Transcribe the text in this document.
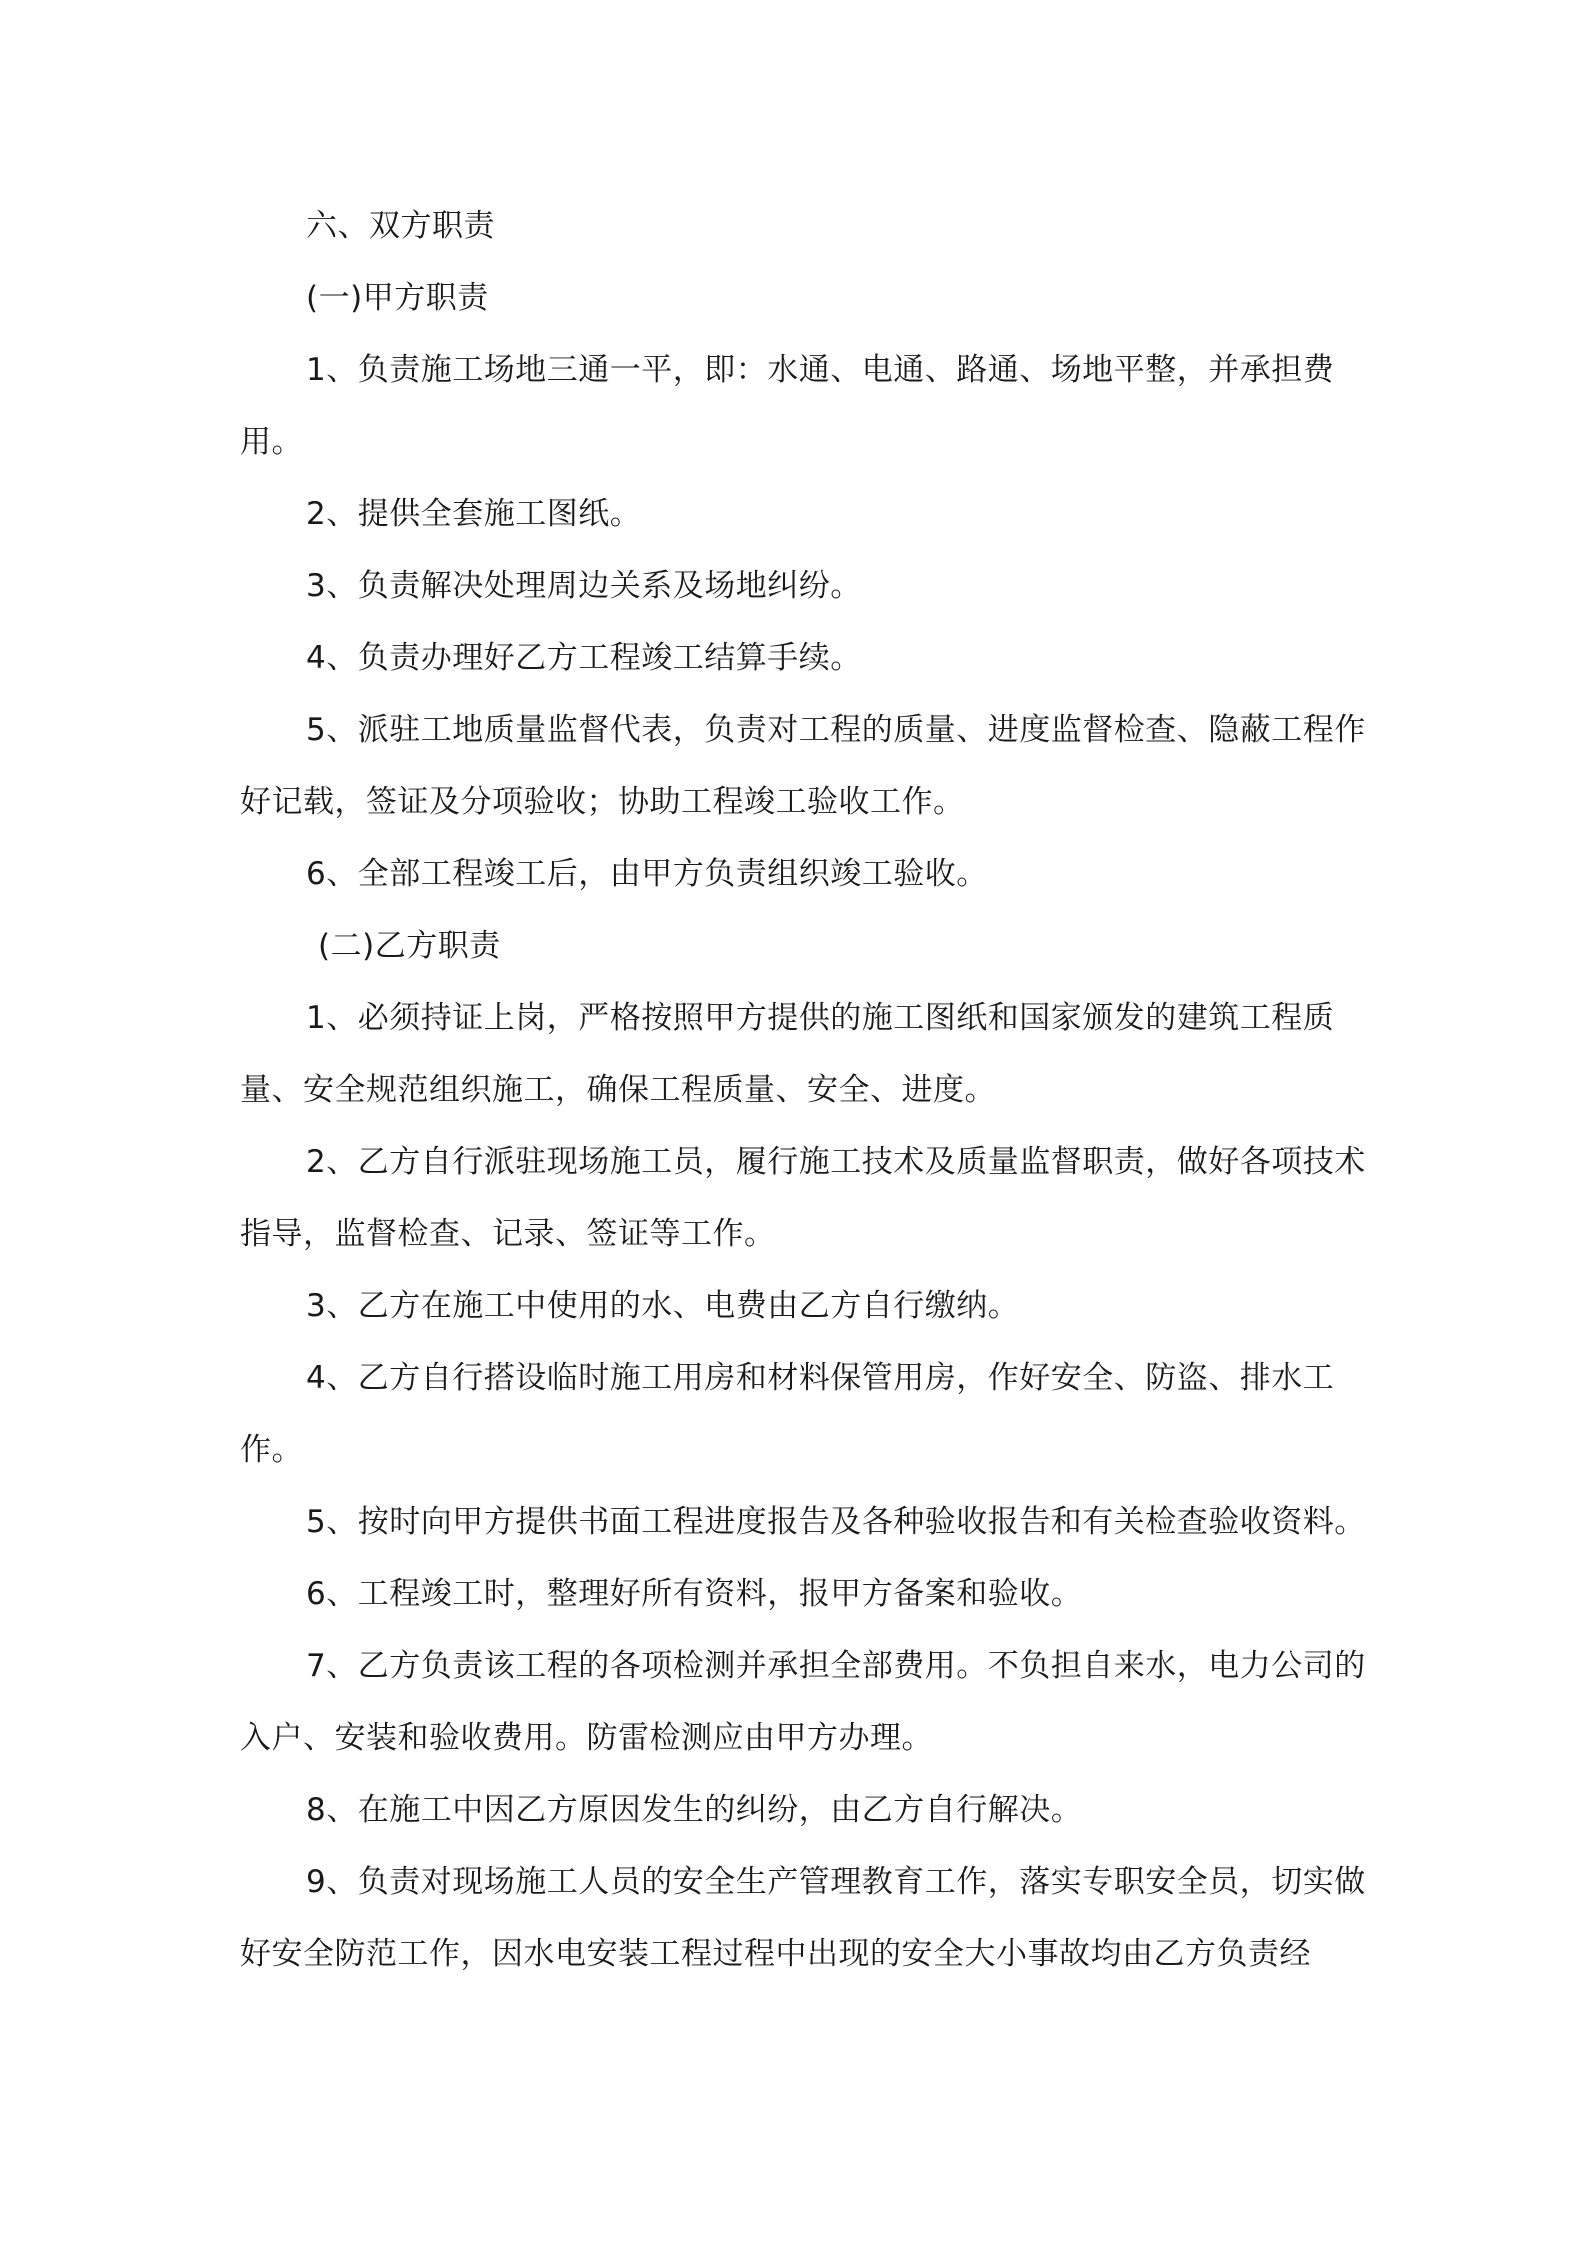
六、双方职责

(一)甲方职责

1、负责施工场地三通一平，即：水通、电通、路通、场地平整，并承担费用。

2、提供全套施工图纸。

3、负责解决处理周边关系及场地纠纷。

4、负责办理好乙方工程竣工结算手续。

5、派驻工地质量监督代表，负责对工程的质量、进度监督检查、隐蔽工程作好记载，签证及分项验收；协助工程竣工验收工作。

6、全部工程竣工后，由甲方负责组织竣工验收。

(二)乙方职责

1、必须持证上岗，严格按照甲方提供的施工图纸和国家颁发的建筑工程质量、安全规范组织施工，确保工程质量、安全、进度。

2、乙方自行派驻现场施工员，履行施工技术及质量监督职责，做好各项技术指导，监督检查、记录、签证等工作。

3、乙方在施工中使用的水、电费由乙方自行缴纳。

4、乙方自行搭设临时施工用房和材料保管用房，作好安全、防盗、排水工作。

5、按时向甲方提供书面工程进度报告及各种验收报告和有关检查验收资料。

6、工程竣工时，整理好所有资料，报甲方备案和验收。

7、乙方负责该工程的各项检测并承担全部费用。不负担自来水，电力公司的入户、安装和验收费用。防雷检测应由甲方办理。

8、在施工中因乙方原因发生的纠纷，由乙方自行解决。

9、负责对现场施工人员的安全生产管理教育工作，落实专职安全员，切实做好安全防范工作，因水电安装工程过程中出现的安全大小事故均由乙方负责经
